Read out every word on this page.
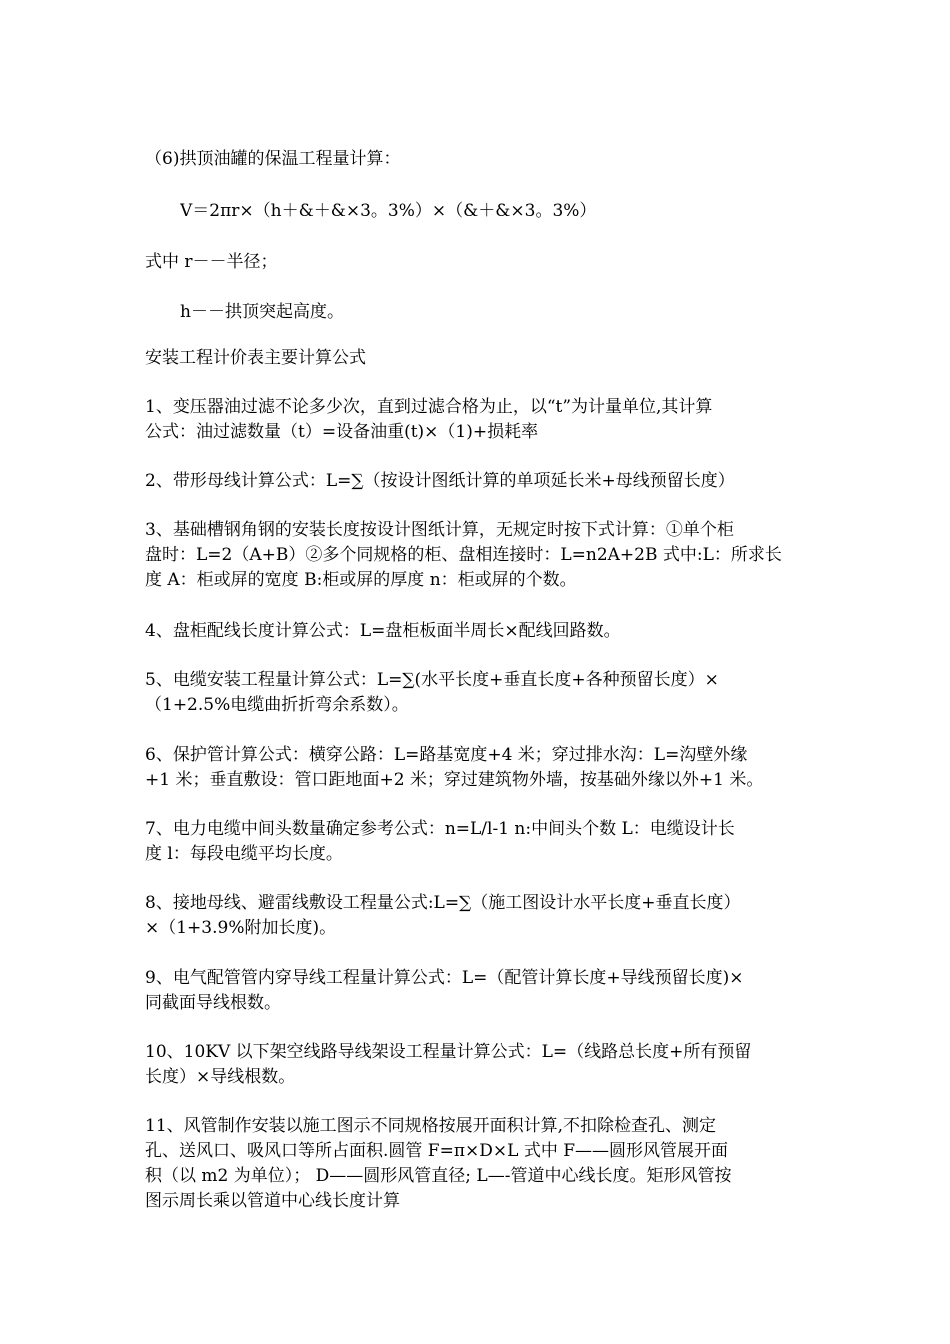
（6)拱顶油罐的保温工程量计算：
V＝2πr×（h＋&＋&×3。3%）×（&＋&×3。3%）
式中 r－－半径；
h－－拱顶突起高度。
安装工程计价表主要计算公式
1、变压器油过滤不论多少次，直到过滤合格为止，以“t”为计量单位,其计算
公式：油过滤数量（t）=设备油重(t)×（1)+损耗率
2、带形母线计算公式：L=∑（按设计图纸计算的单项延长米+母线预留长度）
3、基础槽钢角钢的安装长度按设计图纸计算，无规定时按下式计算：①单个柜
盘时：L=2（A+B）②多个同规格的柜、盘相连接时：L=n2A+2B 式中:L：所求长
度 A：柜或屏的宽度 B:柜或屏的厚度 n：柜或屏的个数。
4、盘柜配线长度计算公式：L=盘柜板面半周长×配线回路数。
5、电缆安装工程量计算公式：L=∑(水平长度+垂直长度+各种预留长度）×
（1+2.5%电缆曲折折弯余系数）。
6、保护管计算公式：横穿公路：L=路基宽度+4 米；穿过排水沟：L=沟壁外缘
+1 米；垂直敷设：管口距地面+2 米；穿过建筑物外墙，按基础外缘以外+1 米。
7、电力电缆中间头数量确定参考公式：n=L/l-1 n:中间头个数 L：电缆设计长
度 l：每段电缆平均长度。
8、接地母线、避雷线敷设工程量公式:L=∑（施工图设计水平长度+垂直长度）
×（1+3.9%附加长度)。
9、电气配管管内穿导线工程量计算公式：L=（配管计算长度+导线预留长度)×
同截面导线根数。
10、10KV 以下架空线路导线架设工程量计算公式：L=（线路总长度+所有预留
长度）×导线根数。
11、风管制作安装以施工图示不同规格按展开面积计算,不扣除检查孔、测定
孔、送风口、吸风口等所占面积.圆管 F=π×D×L 式中 F——圆形风管展开面
积（以 m2 为单位）； D——圆形风管直径; L—-管道中心线长度。矩形风管按
图示周长乘以管道中心线长度计算
